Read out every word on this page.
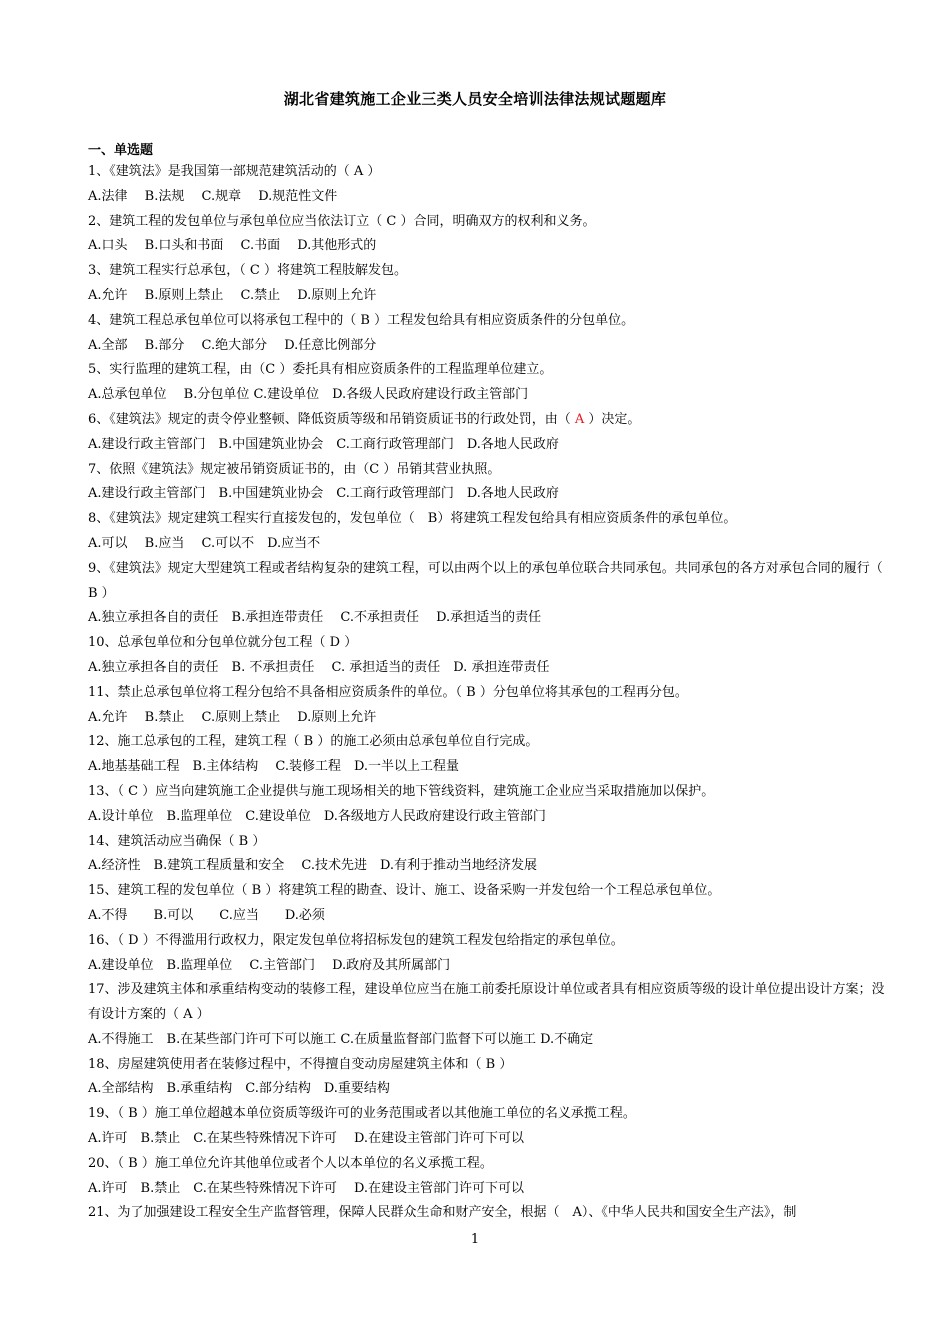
湖北省建筑施工企业三类人员安全培训法律法规试题题库
一、单选题
1、《建筑法》是我国第一部规范建筑活动的（ A ）
A.法律　 B.法规　 C.规章　 D.规范性文件
2、建筑工程的发包单位与承包单位应当依法订立（ C ）合同，明确双方的权利和义务。
A.口头　 B.口头和书面　 C.书面　 D.其他形式的
3、建筑工程实行总承包，（ C ）将建筑工程肢解发包。
A.允许　 B.原则上禁止　 C.禁止　 D.原则上允许
4、建筑工程总承包单位可以将承包工程中的（ B ）工程发包给具有相应资质条件的分包单位。
A.全部　 B.部分　 C.绝大部分　 D.任意比例部分
5、实行监理的建筑工程，由（C ）委托具有相应资质条件的工程监理单位建立。
A.总承包单位　 B.分包单位 C.建设单位　D.各级人民政府建设行政主管部门
6、《建筑法》规定的责令停业整顿、降低资质等级和吊销资质证书的行政处罚，由（ A ）决定。
A.建设行政主管部门　B.中国建筑业协会　C.工商行政管理部门　D.各地人民政府
7、依照《建筑法》规定被吊销资质证书的，由（C ）吊销其营业执照。
A.建设行政主管部门　B.中国建筑业协会　C.工商行政管理部门　D.各地人民政府
8、《建筑法》规定建筑工程实行直接发包的，发包单位（　B）将建筑工程发包给具有相应资质条件的承包单位。
A.可以　 B.应当　 C.可以不　D.应当不
9、《建筑法》规定大型建筑工程或者结构复杂的建筑工程，可以由两个以上的承包单位联合共同承包。共同承包的各方对承包合同的履行（ B ）
A.独立承担各自的责任　B.承担连带责任　 C.不承担责任　 D.承担适当的责任
10、总承包单位和分包单位就分包工程（ D ）
A.独立承担各自的责任　B. 不承担责任　 C. 承担适当的责任　D. 承担连带责任
11、禁止总承包单位将工程分包给不具备相应资质条件的单位。（ B ）分包单位将其承包的工程再分包。
A.允许　 B.禁止　 C.原则上禁止　 D.原则上允许
12、施工总承包的工程，建筑工程（ B ）的施工必须由总承包单位自行完成。
A.地基基础工程　B.主体结构　 C.装修工程　D.一半以上工程量
13、（ C ）应当向建筑施工企业提供与施工现场相关的地下管线资料，建筑施工企业应当采取措施加以保护。
A.设计单位　B.监理单位　C.建设单位　D.各级地方人民政府建设行政主管部门
14、建筑活动应当确保（ B ）
A.经济性　B.建筑工程质量和安全　 C.技术先进　D.有利于推动当地经济发展
15、建筑工程的发包单位（ B ）将建筑工程的勘查、设计、施工、设备采购一并发包给一个工程总承包单位。
A.不得　　B.可以　　C.应当　　D.必须
16、（ D ）不得滥用行政权力，限定发包单位将招标发包的建筑工程发包给指定的承包单位。
A.建设单位　B.监理单位　 C.主管部门　 D.政府及其所属部门
17、涉及建筑主体和承重结构变动的装修工程，建设单位应当在施工前委托原设计单位或者具有相应资质等级的设计单位提出设计方案；没有设计方案的（ A ）
A.不得施工　B.在某些部门许可下可以施工 C.在质量监督部门监督下可以施工 D.不确定
18、房屋建筑使用者在装修过程中，不得擅自变动房屋建筑主体和（ B ）
A.全部结构　B.承重结构　C.部分结构　D.重要结构
19、（ B ）施工单位超越本单位资质等级许可的业务范围或者以其他施工单位的名义承揽工程。
A.许可　B.禁止　C.在某些特殊情况下许可　 D.在建设主管部门许可下可以
20、（ B ）施工单位允许其他单位或者个人以本单位的名义承揽工程。
A.许可　B.禁止　C.在某些特殊情况下许可　 D.在建设主管部门许可下可以
21、为了加强建设工程安全生产监督管理，保障人民群众生命和财产安全，根据（　A）、《中华人民共和国安全生产法》，制
1
